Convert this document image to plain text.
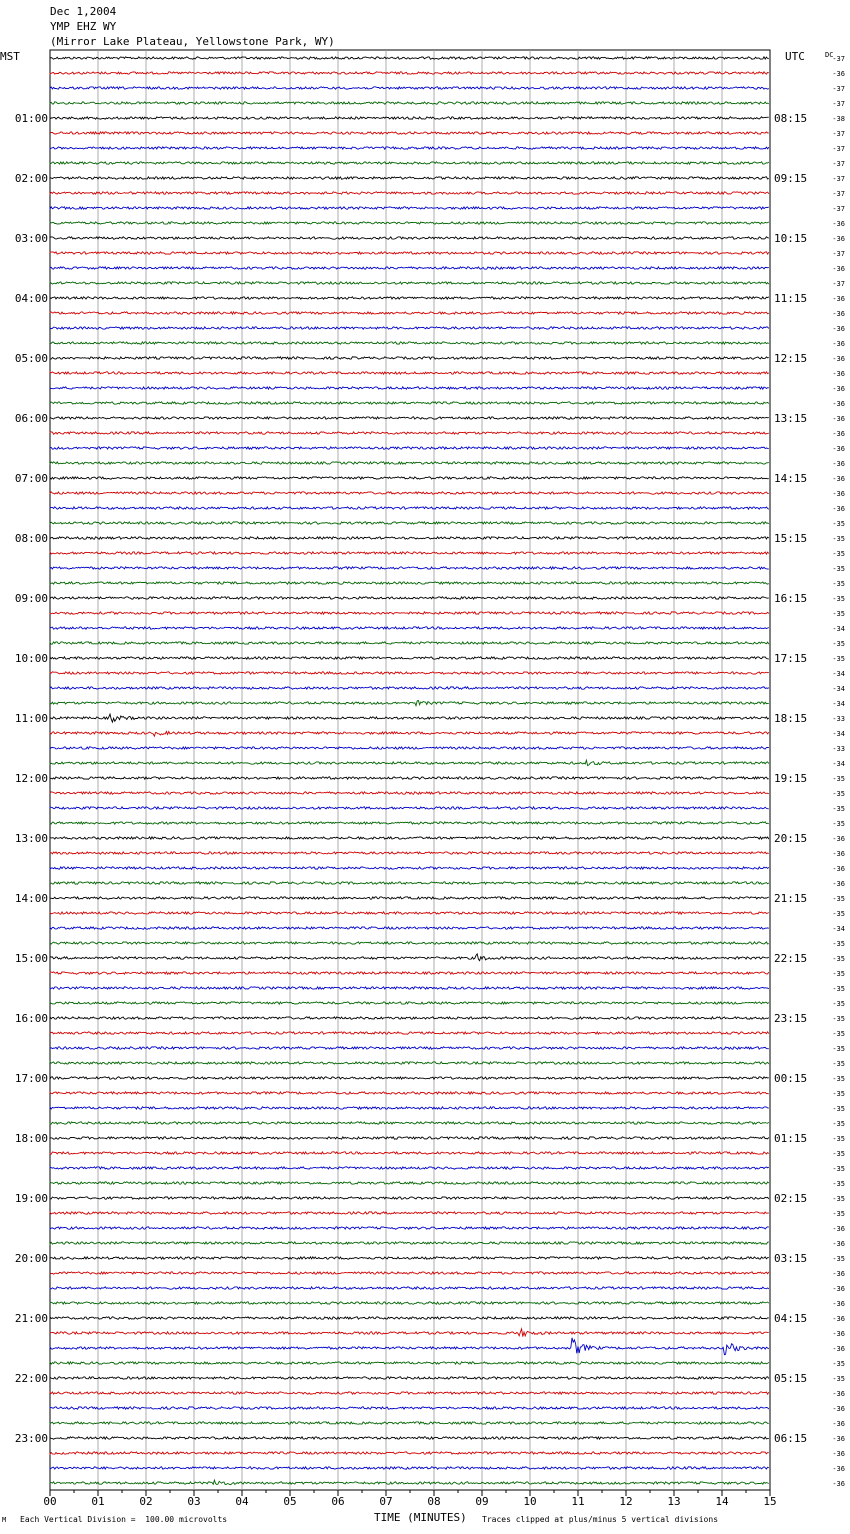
Dec 1,2004
YMP EHZ WY
(Mirror Lake Plateau, Yellowstone Park, WY)
MST	UTC	DC
00	01	02	03	04	05	06	07	08	09	10	11	12	13	14	15
-37
-36
-37
-37
-38
-37
-37
-37
-37
-37
-37
-36
-36
-37
-36
-37
-36
-36
-36
-36
-36
-36
-36
-36
-36
-36
-36
-36
-36
-36
-36
-35
-35
-35
-35
-35
-35
-35
-34
-35
-35
-34
-34
-34
-33
-34
-33
-34
-35
-35
-35
-35
-36
-36
-36
-36
-35
-35
-34
-35
-35
-35
-35
-35
-35
-35
-35
-35
-35
-35
-35
-35
-35
-35
-35
-35
-35
-35
-36
-36
-35
-36
-36
-36
-36
-36
-36
-35
-35
-36
-36
-36
-36
-36
-36
-36
01:00
02:00
03:00
04:00
05:00
06:00
07:00
08:00
09:00
10:00
11:00
12:00
13:00
14:00
15:00
16:00
17:00
18:00
19:00
20:00
21:00
22:00
23:00
08:15
09:15
10:15
11:15
12:15
13:15
14:15
15:15
16:15
17:15
18:15
19:15
20:15
21:15
22:15
23:15
00:15
01:15
02:15
03:15
04:15
05:15
06:15
M Each Vertical Division =  100.00 microvolts	TIME (MINUTES) Traces clipped at plus/minus 5 vertical divisions
